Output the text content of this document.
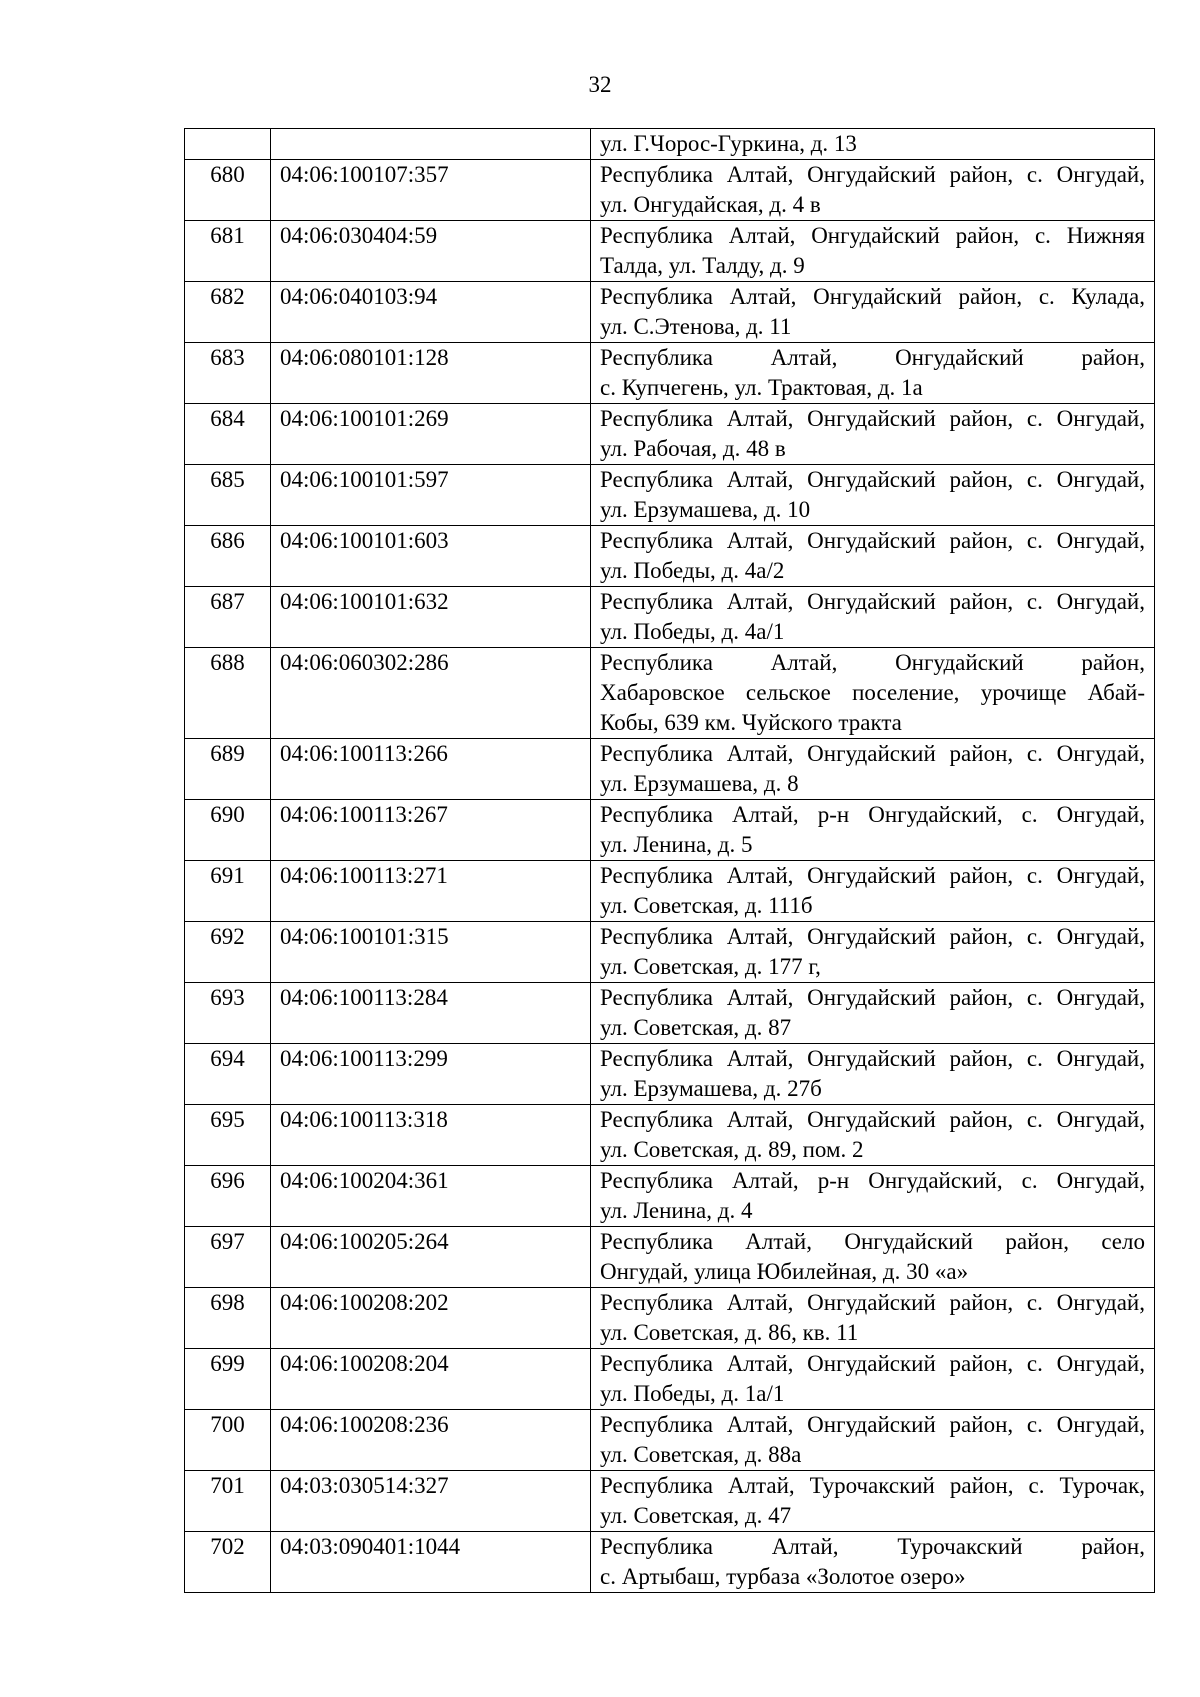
32

		ул. Г.Чорос-Гуркина, д. 13

680	04:06:100107:357	Республика Алтай, Онгудайский район, с. Онгудай,
ул. Онгудайская, д. 4 в

681	04:06:030404:59	Республика Алтай, Онгудайский район, с. Нижняя
Талда, ул. Талду, д. 9

682	04:06:040103:94	Республика Алтай, Онгудайский район, с. Кулада,
ул. С.Этенова, д. 11

683	04:06:080101:128	Республика Алтай, Онгудайский район,
с. Купчегень, ул. Трактовая, д. 1а

684	04:06:100101:269	Республика Алтай, Онгудайский район, с. Онгудай,
ул. Рабочая, д. 48 в

685	04:06:100101:597	Республика Алтай, Онгудайский район, с. Онгудай,
ул. Ерзумашева, д. 10

686	04:06:100101:603	Республика Алтай, Онгудайский район, с. Онгудай,
ул. Победы, д. 4а/2

687	04:06:100101:632	Республика Алтай, Онгудайский район, с. Онгудай,
ул. Победы, д. 4а/1

688	04:06:060302:286	Республика Алтай, Онгудайский район,
Хабаровское сельское поселение, урочище Абай-
Кобы, 639 км. Чуйского тракта

689	04:06:100113:266	Республика Алтай, Онгудайский район, с. Онгудай,
ул. Ерзумашева, д. 8

690	04:06:100113:267	Республика Алтай, р-н Онгудайский, с. Онгудай,
ул. Ленина, д. 5

691	04:06:100113:271	Республика Алтай, Онгудайский район, с. Онгудай,
ул. Советская, д. 111б

692	04:06:100101:315	Республика Алтай, Онгудайский район, с. Онгудай,
ул. Советская, д. 177 г,

693	04:06:100113:284	Республика Алтай, Онгудайский район, с. Онгудай,
ул. Советская, д. 87

694	04:06:100113:299	Республика Алтай, Онгудайский район, с. Онгудай,
ул. Ерзумашева, д. 27б

695	04:06:100113:318	Республика Алтай, Онгудайский район, с. Онгудай,
ул. Советская, д. 89, пом. 2

696	04:06:100204:361	Республика Алтай, р-н Онгудайский, с. Онгудай,
ул. Ленина, д. 4

697	04:06:100205:264	Республика Алтай, Онгудайский район, село
Онгудай, улица Юбилейная, д. 30 «а»

698	04:06:100208:202	Республика Алтай, Онгудайский район, с. Онгудай,
ул. Советская, д. 86, кв. 11

699	04:06:100208:204	Республика Алтай, Онгудайский район, с. Онгудай,
ул. Победы, д. 1а/1

700	04:06:100208:236	Республика Алтай, Онгудайский район, с. Онгудай,
ул. Советская, д. 88а

701	04:03:030514:327	Республика Алтай, Турочакский район, с. Турочак,
ул. Советская, д. 47

702	04:03:090401:1044	Республика Алтай, Турочакский район,
с. Артыбаш, турбаза «Золотое озеро»
